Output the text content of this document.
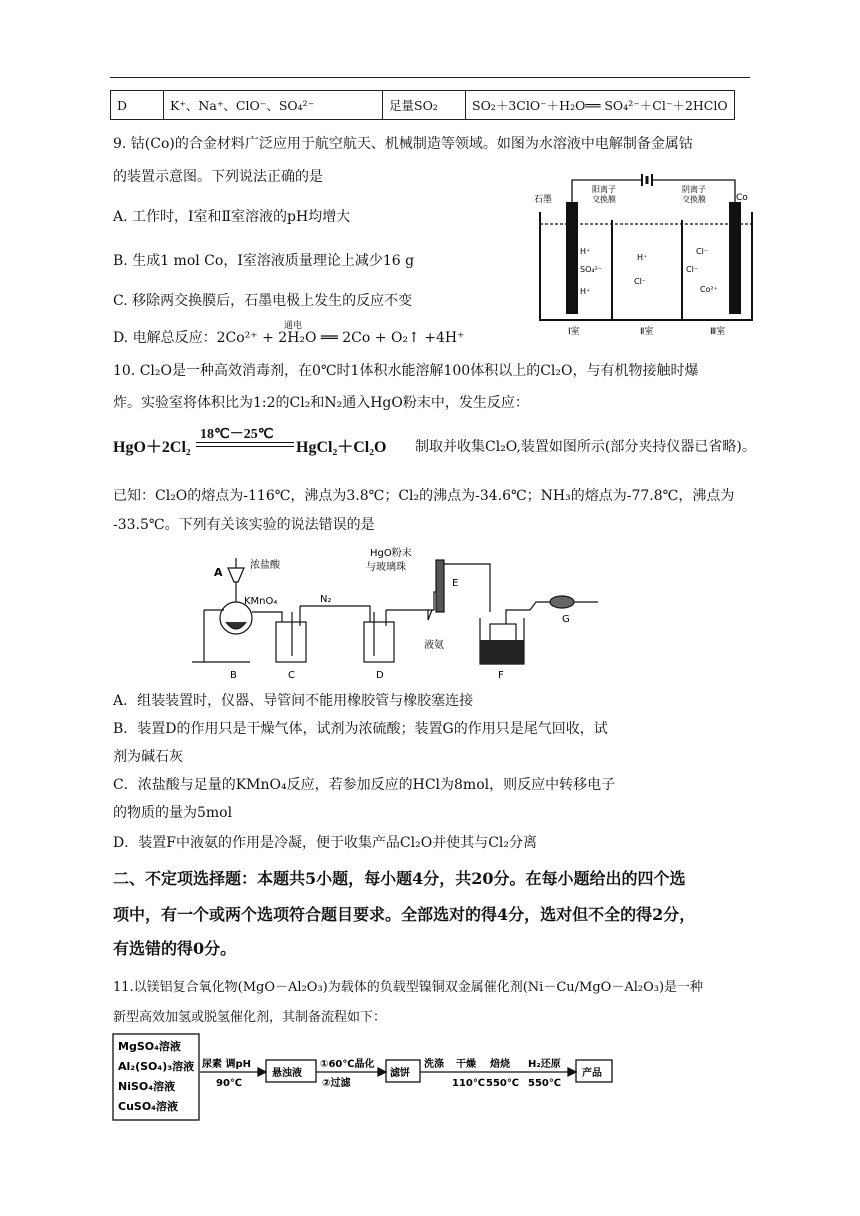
D	K⁺、Na⁺、ClO⁻、SO₄²⁻	足量SO₂	SO₂＋3ClO⁻＋H₂O══ SO₄²⁻＋Cl⁻＋2HClO
9. 钴(Co)的合金材料广泛应用于航空航天、机械制造等领域。如图为水溶液中电解制备金属钴
的装置示意图。下列说法正确的是
A. 工作时，Ⅰ室和Ⅱ室溶液的pH均增大
B. 生成1 mol Co，Ⅰ室溶液质量理论上减少16 g
C. 移除两交换膜后，石墨电极上发生的反应不变
D. 电解总反应：2Co²⁺ + 2H₂O ══ 2Co + O₂↑ +4H⁺
通电
石墨
阳离子
交换膜
阴离子
交换膜	Co
H⁺
SO₄²⁻
H⁺
H⁺
Cl⁻
Cl⁻
Cl⁻
Co²⁺
Ⅰ室	Ⅱ室	Ⅲ室
10. Cl₂O是一种高效消毒剂，在0℃时1体积水能溶解100体积以上的Cl₂O，与有机物接触时爆
炸。实验室将体积比为1:2的Cl₂和N₂通入HgO粉末中，发生反应：
18℃－25℃
HgO＋2Cl₂	HgCl₂＋Cl₂O 制取并收集Cl₂O,装置如图所示(部分夹持仪器已省略)。
已知：Cl₂O的熔点为-116℃，沸点为3.8℃；Cl₂的沸点为-34.6℃；NH₃的熔点为-77.8℃，沸点为
-33.5℃。下列有关该实验的说法错误的是
A
浓盐酸
KMnO₄	N₂
HgO粉末
与玻璃珠
E
液氨
G
B	C	D	F
A．组装装置时，仪器、导管间不能用橡胶管与橡胶塞连接
B．装置D的作用只是干燥气体，试剂为浓硫酸；装置G的作用只是尾气回收，试
剂为碱石灰
C．浓盐酸与足量的KMnO₄反应，若参加反应的HCl为8mol，则反应中转移电子
的物质的量为5mol
D．装置F中液氨的作用是冷凝，便于收集产品Cl₂O并使其与Cl₂分离
二、不定项选择题：本题共5小题，每小题4分，共20分。在每小题给出的四个选
项中，有一个或两个选项符合题目要求。全部选对的得4分，选对但不全的得2分，
有选错的得0分。
11.以镁铝复合氧化物(MgO－Al₂O₃)为载体的负载型镍铜双金属催化剂(Ni－Cu/MgO－Al₂O₃)是一种
新型高效加氢或脱氢催化剂，其制备流程如下：
MgSO₄溶液
Al₂(SO₄)₃溶液
NiSO₄溶液
CuSO₄溶液
尿素 调pH
90℃
悬浊液
①60℃晶化
②过滤
滤饼
洗涤 干燥
110℃
焙烧
550℃
H₂还原
550℃
产品
